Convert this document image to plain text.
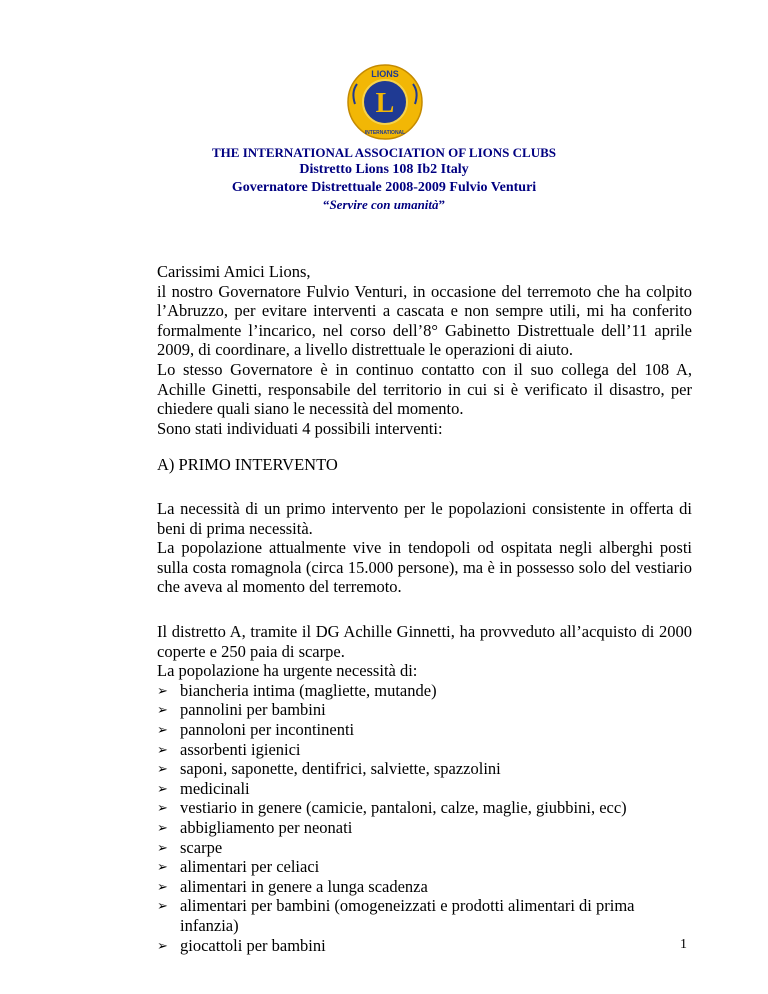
L
LIONS
INTERNATIONAL
THE INTERNATIONAL ASSOCIATION OF LIONS CLUBS
Distretto Lions 108 Ib2 Italy
Governatore Distrettuale 2008-2009 Fulvio Venturi
“Servire con umanità”
Carissimi Amici Lions,
il nostro Governatore Fulvio Venturi, in occasione del terremoto che ha colpito l’Abruzzo, per evitare interventi a cascata e non sempre utili, mi ha conferito formalmente l’incarico, nel corso dell’8° Gabinetto Distrettuale dell’11 aprile 2009, di coordinare, a livello distrettuale le operazioni di aiuto.
Lo stesso Governatore è in continuo contatto con il suo collega del 108 A, Achille Ginetti, responsabile del territorio in cui si è verificato il disastro, per chiedere quali siano le necessità del momento.
Sono stati individuati 4 possibili interventi:
A) PRIMO INTERVENTO
La necessità di un primo intervento per le popolazioni consistente in offerta di beni di prima necessità.
La popolazione attualmente vive in tendopoli od ospitata negli alberghi posti sulla costa romagnola (circa 15.000 persone), ma è in possesso solo del vestiario che aveva al momento del terremoto.
Il distretto A, tramite il DG Achille Ginnetti, ha provveduto all’acquisto di 2000 coperte e 250 paia di scarpe.
La popolazione ha urgente necessità di:
➢ biancheria intima (magliette, mutande)
➢ pannolini per bambini
➢ pannoloni per incontinenti
➢ assorbenti igienici
➢ saponi, saponette, dentifrici, salviette, spazzolini
➢ medicinali
➢ vestiario in genere (camicie, pantaloni, calze, maglie, giubbini, ecc)
➢ abbigliamento per neonati
➢ scarpe
➢ alimentari per celiaci
➢ alimentari in genere a lunga scadenza
➢ alimentari per bambini (omogeneizzati e prodotti alimentari di prima infanzia)
➢ giocattoli per bambini	1
